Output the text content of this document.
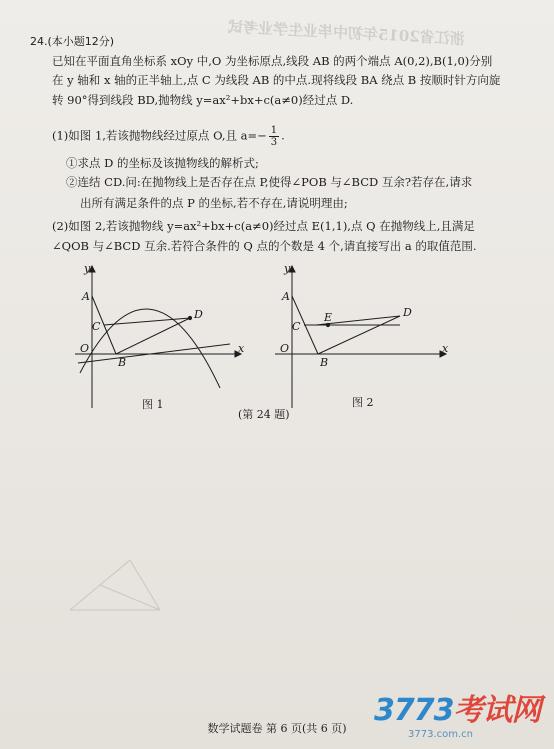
浙江省2015年初中毕业生学业考试
24.(本小题12分)
已知在平面直角坐标系 xOy 中,O 为坐标原点,线段 AB 的两个端点 A(0,2),B(1,0)分别
在 y 轴和 x 轴的正半轴上,点 C 为线段 AB 的中点.现将线段 BA 绕点 B 按顺时针方向旋
转 90°得到线段 BD,抛物线 y=ax²+bx+c(a≠0)经过点 D.
(1)如图 1,若该抛物线经过原点 O,且 $a=- \frac{1}{3}$ .
①求点 D 的坐标及该抛物线的解析式;
②连结 CD.问:在抛物线上是否存在点 P,使得∠POB 与∠BCD 互余?若存在,请求
出所有满足条件的点 P 的坐标,若不存在,请说明理由;
(2)如图 2,若该抛物线 y=ax²+bx+c(a≠0)经过点 E(1,1),点 Q 在抛物线上,且满足
∠QOB 与∠BCD 互余.若符合条件的 Q 点的个数是 4 个,请直接写出 a 的取值范围.
y
A
C
D
O
B
x
y
A
C
E	D
O
B
x
图 1	图 2
(第 24 题)
3773考试网
3773.com.cn
数学试题卷 第 6 页(共 6 页)
